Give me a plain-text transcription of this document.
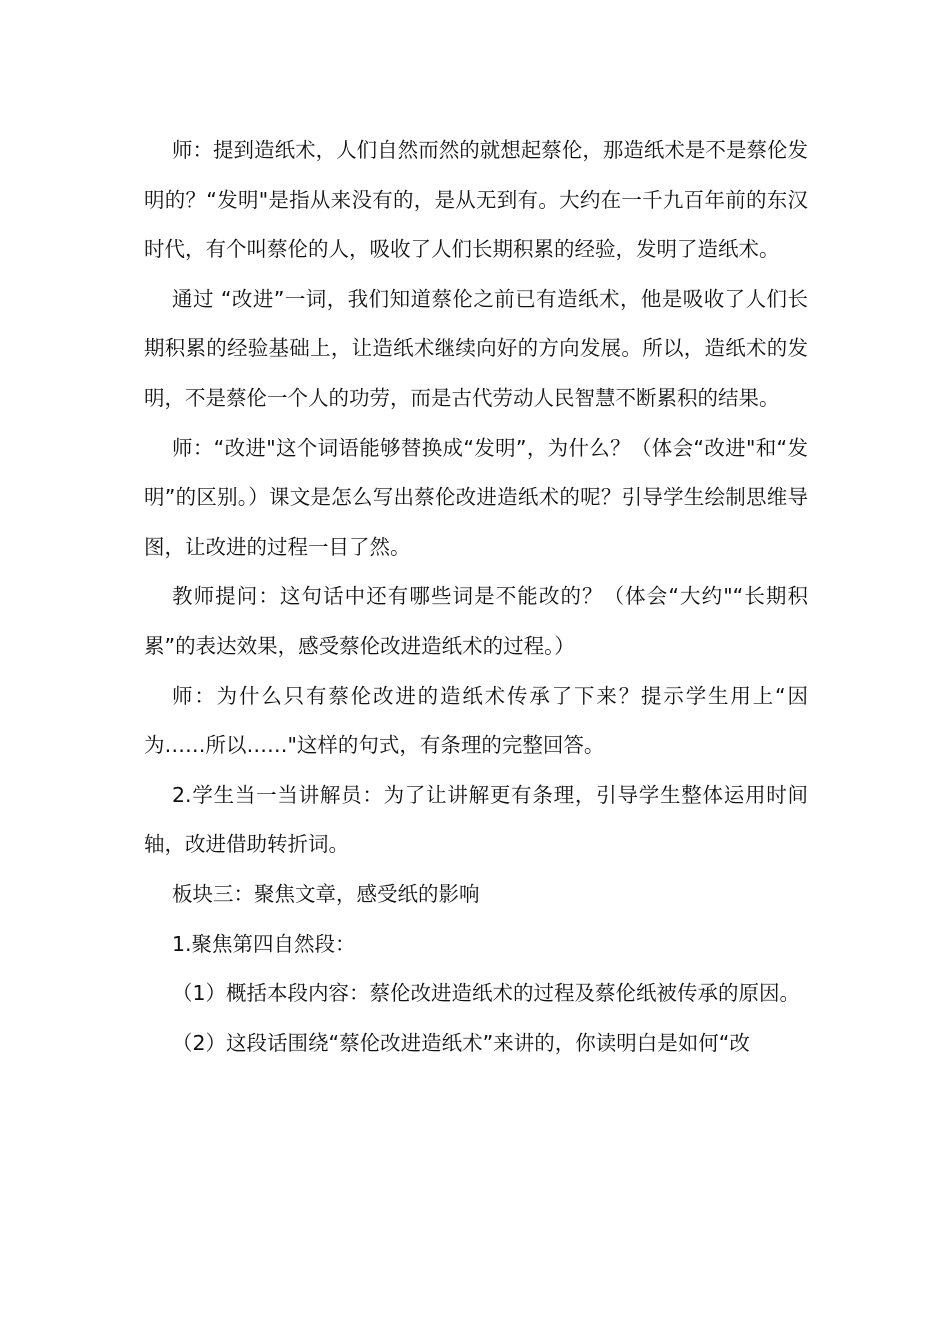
师：提到造纸术，人们自然而然的就想起蔡伦，那造纸术是不是蔡伦发明的？“发明"是指从来没有的，是从无到有。大约在一千九百年前的东汉时代，有个叫蔡伦的人，吸收了人们长期积累的经验，发明了造纸术。

通过 “改进”一词，我们知道蔡伦之前已有造纸术，他是吸收了人们长期积累的经验基础上，让造纸术继续向好的方向发展。所以，造纸术的发明，不是蔡伦一个人的功劳，而是古代劳动人民智慧不断累积的结果。

师：“改进"这个词语能够替换成“发明”，为什么？（体会“改进"和“发明”的区别。）课文是怎么写出蔡伦改进造纸术的呢？引导学生绘制思维导图，让改进的过程一目了然。

教师提问：这句话中还有哪些词是不能改的？（体会“大约"“长期积累”的表达效果，感受蔡伦改进造纸术的过程。）

师：为什么只有蔡伦改进的造纸术传承了下来？提示学生用上“因为……所以……"这样的句式，有条理的完整回答。

2.学生当一当讲解员：为了让讲解更有条理，引导学生整体运用时间轴，改进借助转折词。

板块三：聚焦文章，感受纸的影响

1.聚焦第四自然段：

（1）概括本段内容：蔡伦改进造纸术的过程及蔡伦纸被传承的原因。

（2）这段话围绕“蔡伦改进造纸术”来讲的，你读明白是如何“改
